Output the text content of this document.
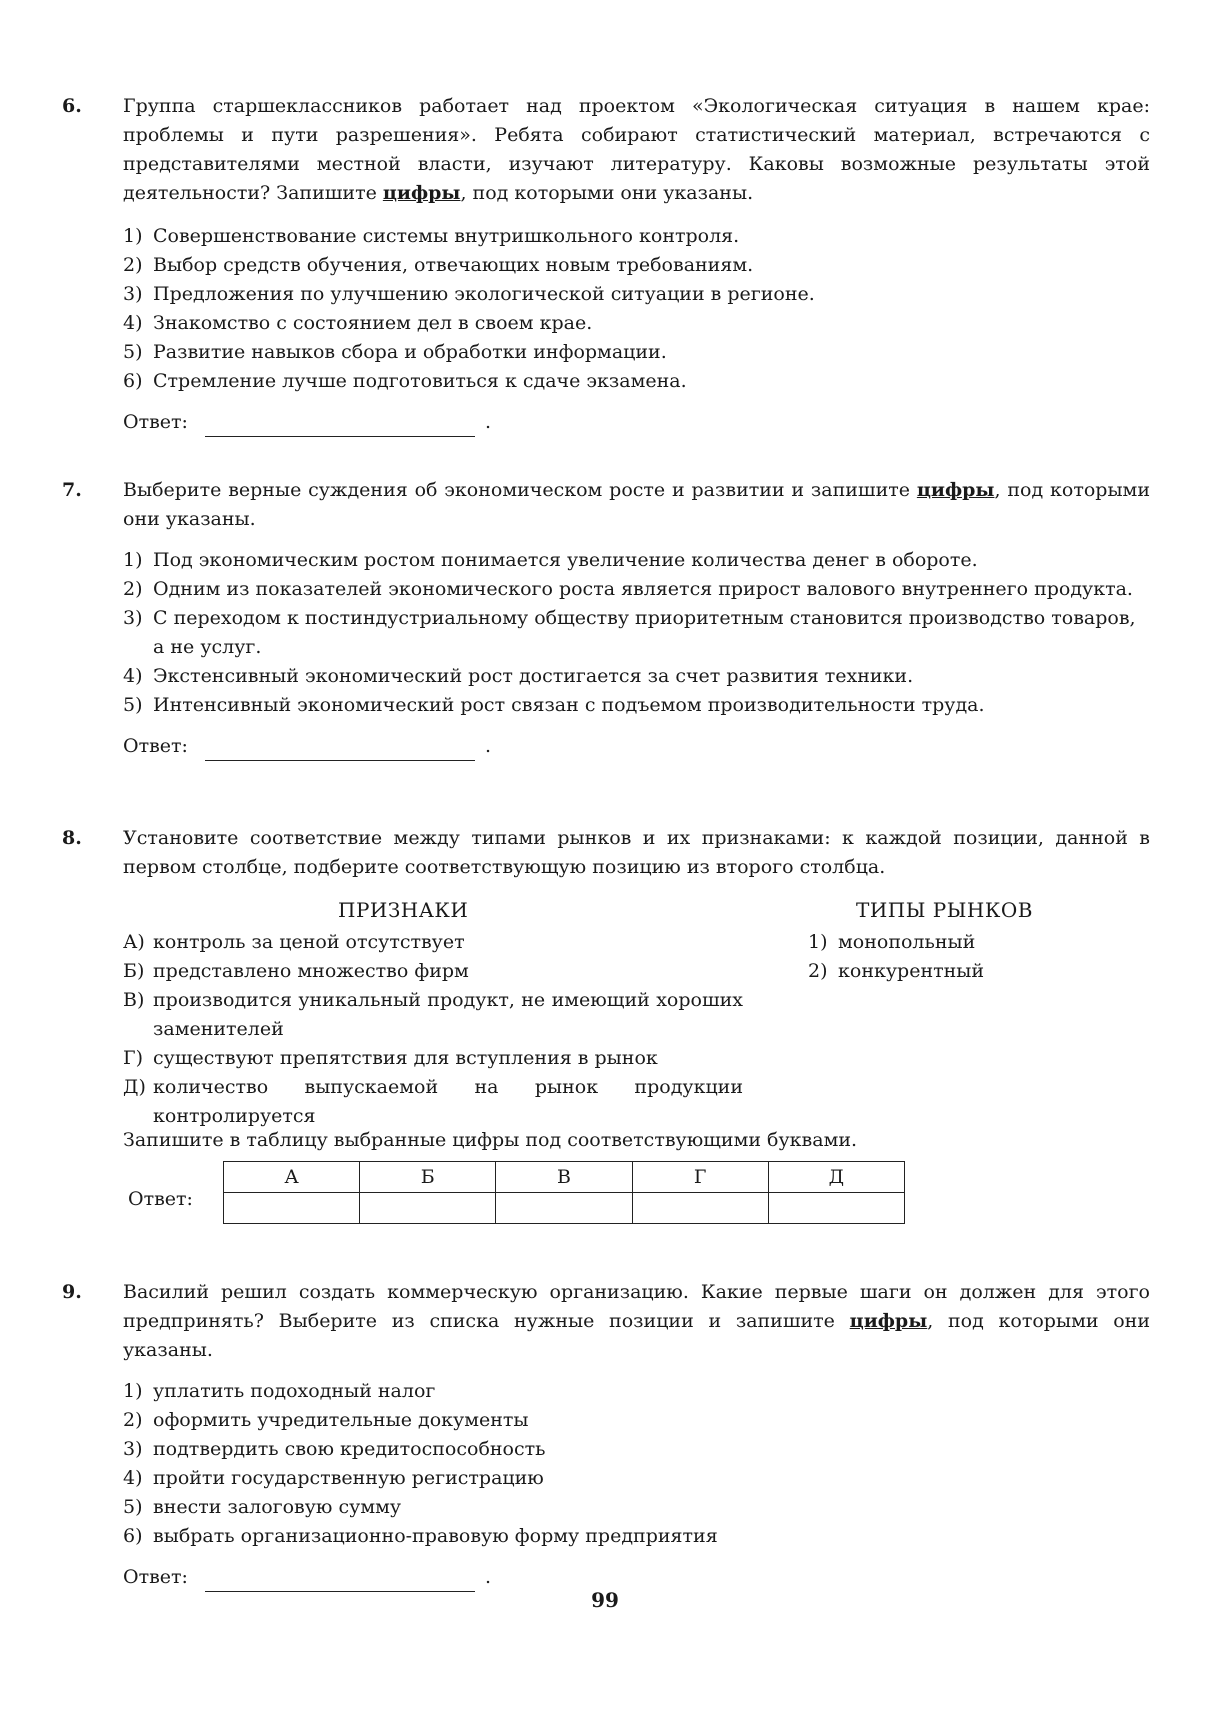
6. Группа старшеклассников работает над проектом «Экологическая ситуация в нашем крае: проблемы и пути разрешения». Ребята собирают статистический материал, встречаются с представителями местной власти, изучают литературу. Каковы возможные результаты этой деятельности? Запишите цифры, под которыми они указаны.

1) Совершенствование системы внутришкольного контроля.
2) Выбор средств обучения, отвечающих новым требованиям.
3) Предложения по улучшению экологической ситуации в регионе.
4) Знакомство с состоянием дел в своем крае.
5) Развитие навыков сбора и обработки информации.
6) Стремление лучше подготовиться к сдаче экзамена.
Ответ:	.
7. Выберите верные суждения об экономическом росте и развитии и запишите цифры, под которыми они указаны.

1) Под экономическим ростом понимается увеличение количества денег в обороте.
2) Одним из показателей экономического роста является прирост валового внутреннего продукта.
3) С переходом к постиндустриальному обществу приоритетным становится производство товаров, а не услуг.
4) Экстенсивный экономический рост достигается за счет развития техники.
5) Интенсивный экономический рост связан с подъемом производительности труда.
Ответ:	.
8. Установите соответствие между типами рынков и их признаками: к каждой позиции, данной в первом столбце, подберите соответствующую позицию из второго столбца.

ПРИЗНАКИ	ТИПЫ РЫНКОВ
А) контроль за ценой отсутствует
Б) представлено множество фирм
В) производится уникальный продукт, не имеющий хороших заменителей
Г) существуют препятствия для вступления в рынок
Д) количество выпускаемой на рынок продукции контролируется
1) монопольный
2) конкурентный

Запишите в таблицу выбранные цифры под соответствующими буквами.

Ответ:
А	Б	В	Г	Д

9. Василий решил создать коммерческую организацию. Какие первые шаги он должен для этого предпринять? Выберите из списка нужные позиции и запишите цифры, под которыми они указаны.

1) уплатить подоходный налог
2) оформить учредительные документы
3) подтвердить свою кредитоспособность
4) пройти государственную регистрацию
5) внести залоговую сумму
6) выбрать организационно-правовую форму предприятия
Ответ:	.
99
